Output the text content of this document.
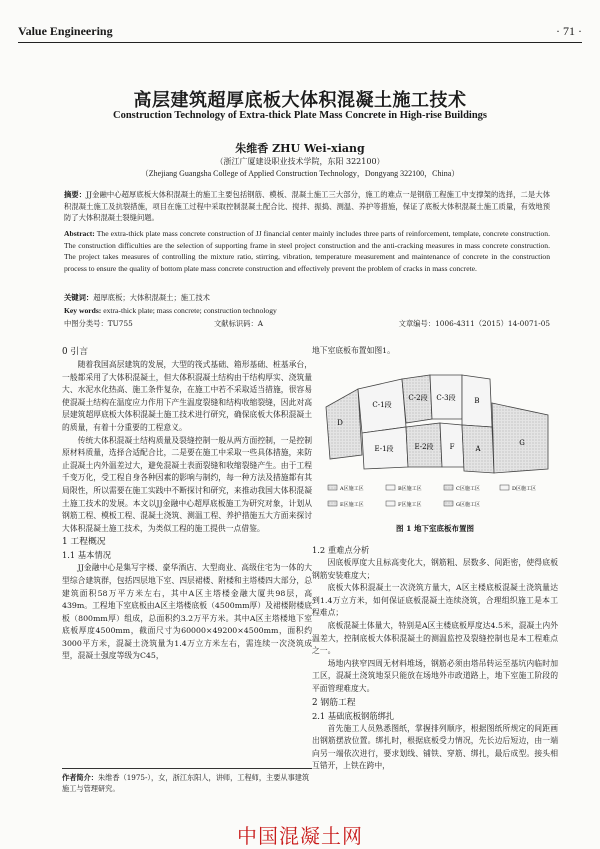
Value Engineering	· 71 ·
高层建筑超厚底板大体积混凝土施工技术
Construction Technology of Extra-thick Plate Mass Concrete in High-rise Buildings
朱维香 ZHU Wei-xiang
（浙江广厦建设职业技术学院，东阳 322100）
（Zhejiang Guangsha College of Applied Construction Technology，Dongyang 322100，China）
摘要：JJ金融中心超厚底板大体积混凝土的施工主要包括钢筋、模板、混凝土施工三大部分，施工的难点一是钢筋工程施工中支撑架的选择，二是大体积混凝土施工及抗裂措施，项目在施工过程中采取控制混凝土配合比、搅拌、振捣、测温、养护等措施，保证了底板大体积混凝土施工质量，有效地预防了大体积混凝土裂缝问题。
Abstract: The extra-thick plate mass concrete construction of JJ financial center mainly includes three parts of reinforcement, template, concrete construction. The construction difficulties are the selection of supporting frame in steel project construction and the anti-cracking measures in mass concrete construction. The project takes measures of controlling the mixture ratio, stirring, vibration, temperature measurement and maintenance of concrete in the construction process to ensure the quality of bottom plate mass concrete construction and effectively prevent the problem of cracks in mass concrete.
关键词：超厚底板；大体积混凝土；施工技术
Key words: extra-thick plate; mass concrete; construction technology
中图分类号：TU755	文献标识码：A	文章编号：1006-4311（2015）14-0071-05
0 引言

随着我国高层建筑的发展，大型的筏式基础、箱形基础、桩基承台，一般都采用了大体积混凝土，但大体积混凝土结构由于结构厚实、浇筑量大、水泥水化热高、施工条件复杂，在施工中若不采取适当措施，很容易使混凝土结构在温度应力作用下产生温度裂缝和结构收缩裂缝，因此对高层建筑超厚底板大体积混凝土施工技术进行研究，确保底板大体积混凝土的质量，有着十分重要的工程意义。

传统大体积混凝土结构质量及裂缝控制一般从两方面控制，一是控制原材料质量，选择合适配合比，二是要在施工中采取一些具体措施，来防止混凝土内外温差过大，避免混凝土表面裂缝和收缩裂缝产生。由于工程千变万化，受工程自身各种因素的影响与制约，每一种方法及措施都有其局限性，所以需要在施工实践中不断探讨和研究，来推动我国大体积混凝土施工技术的发展。本文以JJ金融中心超厚底板施工为研究对象，计划从钢筋工程、模板工程、混凝土浇筑、测温工程、养护措施五大方面来探讨大体积混凝土施工技术，为类似工程的施工提供一点借鉴。

1 工程概况
1.1 基本情况

JJ金融中心是集写字楼、豪华酒店、大型商业、高级住宅为一体的大型综合建筑群，包括四层地下室、四层裙楼、附楼和主塔楼四大部分，总建筑面积58万平方米左右，其中A区主塔楼金融大厦共98层，高439m。工程地下室底板由A区主塔楼底板（4500mm厚）及裙楼附楼底板（800mm厚）组成，总面积约3.2万平方米。其中A区主塔楼地下室底板厚度4500mm，截面尺寸为60000×49200×4500mm，面积约3000平方米，混凝土浇筑量为1.4万立方米左右，需连续一次浇筑成型，混凝土强度等级为C45，

作者简介：朱维香（1975-），女，浙江东阳人，讲师，工程师，主要从事建筑施工与管理研究。
地下室底板布置如图1。
D
C-1段
C-2段 C-3段	B
E-1段	E-2段 F	A
G
A区施工区	B区施工区	C区施工区	D区施工区
E区施工区	F区施工区	G区施工区
图 1 地下室底板布置图
1.2 重难点分析

因底板厚度大且标高变化大，钢筋粗、层数多、间距密，使得底板钢筋安装难度大；

底板大体积混凝土一次浇筑方量大，A区主楼底板混凝土浇筑量达到1.4万立方米，如何保证底板混凝土连续浇筑，合理组织施工是本工程难点；

底板混凝土体量大，特别是A区主楼底板厚度达4.5米，混凝土内外温差大，控制底板大体积混凝土的测温监控及裂缝控制也是本工程难点之一。

场地内狭窄四周无材料堆场，钢筋必须由塔吊转运至基坑内临时加工区，混凝土浇筑地泵只能放在场地外市政道路上，地下室施工阶段的平面管理难度大。

2 钢筋工程
2.1 基础底板钢筋绑扎

首先施工人员熟悉图纸，掌握排列顺序，根据图纸所规定的间距画出钢筋摆放位置。绑扎时，根据底板受力情况，先长边后短边，由一端向另一端依次进行，要求划线、铺铁、穿筋、绑扎，最后成型。接头相互错开，上铁在跨中，

中国混凝土网
